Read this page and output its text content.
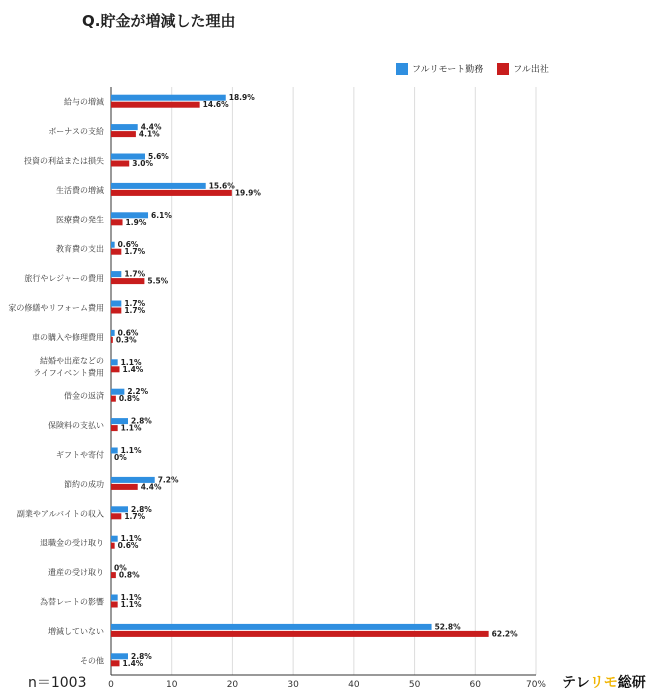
Q.貯金が増減した理由
フルリモート勤務	フル出社
0	10	20	30	40	50	60	70%
給与の増減	18.9%
14.6%
ボーナスの支給	4.4%
4.1%
投資の利益または損失	5.6%
3.0%
生活費の増減	15.6%
19.9%
医療費の発生	6.1%
1.9%
教育費の支出 0.6%
1.7%
旅行やレジャーの費用	1.7%
5.5%
家の修繕やリフォーム費用	1.7%
1.7%
車の購入や修理費用 0.6%
0.3%
結婚や出産などの
ライフイベント費用
1.1%
1.4%
借金の返済	2.2%
0.8%
保険料の支払い	2.8%
1.1%
ギフトや寄付 1.1%
0%
節約の成功	7.2%
4.4%
副業やアルバイトの収入	2.8%
1.7%
退職金の受け取り 1.1%
0.6%
遺産の受け取り 0%
0.8%
為替レートの影響 1.1%
1.1%
増減していない	52.8%
62.2%
その他	2.8%
1.4%
n＝1003	テレリモ総研
